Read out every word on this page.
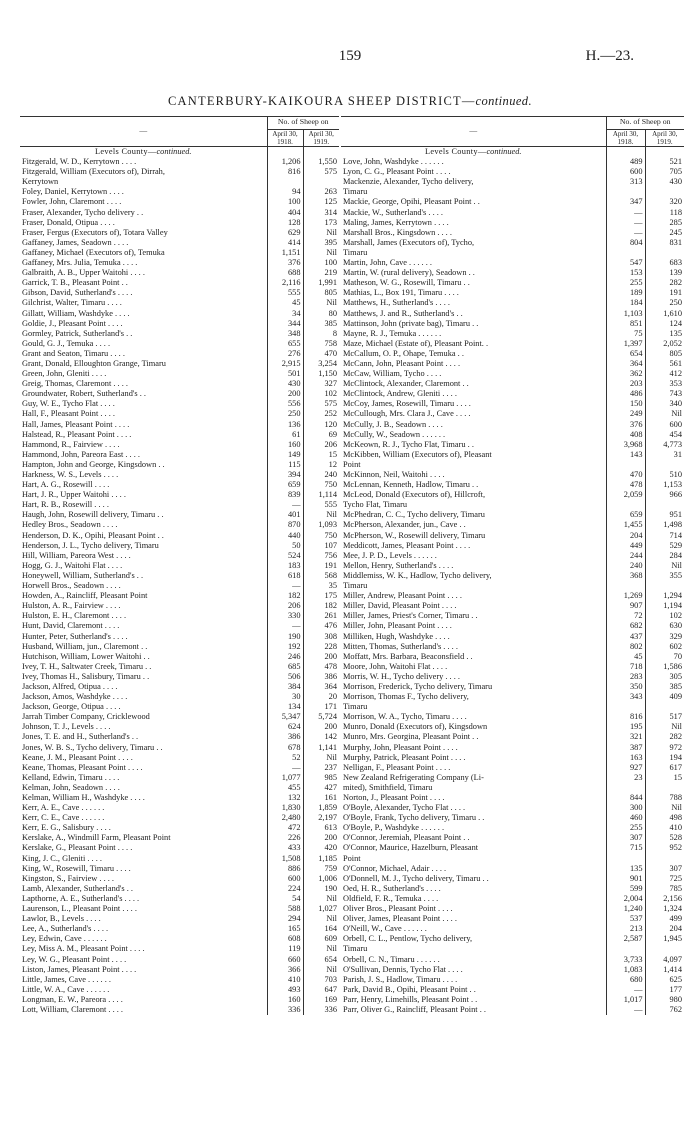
159	H.—23.
CANTERBURY-KAIKOURA SHEEP DISTRICT—continued.
—	No. of Sheep on	
	April 30, 1918.	April 30, 1919.
Levels County—continued.		
Fitzgerald, W. D., Kerrytown . . . .	1,206	1,550
Fitzgerald, William (Executors of), Dirrah,	816	575
Kerrytown		
Foley, Daniel, Kerrytown . . . .	94	263
Fowler, John, Claremont . . . .	100	125
Fraser, Alexander, Tycho delivery . .	404	314
Fraser, Donald, Otipua . . . .	128	173
Fraser, Fergus (Executors of), Totara Valley	629	Nil
Gaffaney, James, Seadown . . . .	414	395
Gaffaney, Michael (Executors of), Temuka	1,151	Nil
Gaffaney, Mrs. Julia, Temuka . . . .	376	100
Galbraith, A. B., Upper Waitohi . . . .	688	219
Garrick, T. B., Pleasant Point . .	2,116	1,991
Gibson, David, Sutherland's . . . .	555	805
Gilchrist, Walter, Timaru . . . .	45	Nil
Gillatt, William, Washdyke . . . .	34	80
Goldie, J., Pleasant Point . . . .	344	385
Gormley, Patrick, Sutherland's . .	348	8
Gould, G. J., Temuka . . . .	655	758
Grant and Seaton, Timaru . . . .	276	470
Grant, Donald, Elloughton Grange, Timaru	2,915	3,254
Green, John, Gleniti . . . .	501	1,150
Greig, Thomas, Claremont . . . .	430	327
Groundwater, Robert, Sutherland's . .	200	102
Guy, W. E., Tycho Flat . . . .	556	575
Hall, F., Pleasant Point . . . .	250	252
Hall, James, Pleasant Point . . . .	136	120
Halstead, R., Pleasant Point . . . .	61	69
Hammond, R., Fairview . . . .	160	206
Hammond, John, Pareora East . . . .	149	15
Hampton, John and George, Kingsdown . .	115	12
Harkness, W. S., Levels . . . .	394	240
Hart, A. G., Rosewill . . . .	659	750
Hart, J. R., Upper Waitohi . . . .	839	1,114
Hart, R. B., Rosewill . . . .	—	555
Haugh, John, Rosewill delivery, Timaru . .	401	Nil
Hedley Bros., Seadown . . . .	870	1,093
Henderson, D. K., Opihi, Pleasant Point . .	440	750
Henderson, J. L., Tycho delivery, Timaru	50	107
Hill, William, Pareora West . . . .	524	756
Hogg, G. J., Waitohi Flat . . . .	183	191
Honeywell, William, Sutherland's . .	618	568
Horwell Bros., Seadown . . . .	—	35
Howden, A., Raincliff, Pleasant Point	182	175
Hulston, A. R., Fairview . . . .	206	182
Hulston, E. H., Claremont . . . .	330	261
Hunt, David, Claremont . . . .	—	476
Hunter, Peter, Sutherland's . . . .	190	308
Husband, William, jun., Claremont . .	192	228
Hutchison, William, Lower Waitohi . .	246	200
Ivey, T. H., Saltwater Creek, Timaru . .	685	478
Ivey, Thomas H., Salisbury, Timaru . .	506	386
Jackson, Alfred, Otipua . . . .	384	364
Jackson, Amos, Washdyke . . . .	30	20
Jackson, George, Otipua . . . .	134	171
Jarrah Timber Company, Cricklewood	5,347	5,724
Johnson, T. J., Levels . . . .	624	200
Jones, T. E. and H., Sutherland's . .	386	142
Jones, W. B. S., Tycho delivery, Timaru . .	678	1,141
Keane, J. M., Pleasant Point . . . .	52	Nil
Keane, Thomas, Pleasant Point . . . .	—	237
Kelland, Edwin, Timaru . . . .	1,077	985
Kelman, John, Seadown . . . .	455	427
Kelman, William H., Washdyke . . . .	132	161
Kerr, A. E., Cave . . . . . .	1,830	1,859
Kerr, C. E., Cave . . . . . .	2,480	2,197
Kerr, E. G., Salisbury . . . .	472	613
Kerslake, A., Windmill Farm, Pleasant Point	226	200
Kerslake, G., Pleasant Point . . . .	433	420
King, J. C., Gleniti . . . .	1,508	1,185
King, W., Rosewill, Timaru . . . .	886	759
Kingston, S., Fairview . . . .	600	1,006
Lamb, Alexander, Sutherland's . .	224	190
Lapthorne, A. E., Sutherland's . . . .	54	Nil
Laurenson, L., Pleasant Point . . . .	588	1,027
Lawlor, B., Levels . . . .	294	Nil
Lee, A., Sutherland's . . . .	165	164
Ley, Edwin, Cave . . . . . .	608	609
Ley, Miss A. M., Pleasant Point . . . .	119	Nil
Ley, W. G., Pleasant Point . . . .	660	654
Liston, James, Pleasant Point . . . .	366	Nil
Little, James, Cave . . . . . .	410	703
Little, W. A., Cave . . . . . .	493	647
Longman, E. W., Pareora . . . .	160	169
Lott, William, Claremont . . . .	336	336
—	No. of Sheep on	
	April 30, 1918.	April 30, 1919.
Levels County—continued.		
Love, John, Washdyke . . . . . .	489	521
Lyon, C. G., Pleasant Point . . . .	600	705
Mackenzie, Alexander, Tycho delivery,	313	430
Timaru		
Mackie, George, Opihi, Pleasant Point . .	347	320
Mackie, W., Sutherland's . . . .	—	118
Maling, James, Kerrytown . . . .	—	285
Marshall Bros., Kingsdown . . . .	—	245
Marshall, James (Executors of), Tycho,	804	831
Timaru		
Martin, John, Cave . . . . . .	547	683
Martin, W. (rural delivery), Seadown . .	153	139
Matheson, W. G., Rosewill, Timaru . .	255	282
Mathias, L., Box 191, Timaru . . . .	189	191
Matthews, H., Sutherland's . . . .	184	250
Matthews, J. and R., Sutherland's . .	1,103	1,610
Mattinson, John (private bag), Timaru . .	851	124
Mayne, R. J., Temuka . . . . . .	75	135
Maze, Michael (Estate of), Pleasant Point. .	1,397	2,052
McCallum, O. P., Ohape, Temuka . .	654	805
McCann, John, Pleasant Point . . . .	364	561
McCaw, William, Tycho . . . .	362	412
McClintock, Alexander, Claremont . .	203	353
McClintock, Andrew, Gleniti . . . .	486	743
McCoy, James, Rosewill, Timaru . . . .	150	340
McCullough, Mrs. Clara J., Cave . . . .	249	Nil
McCully, J. B., Seadown . . . .	376	600
McCully, W., Seadown . . . . . .	408	454
McKeown, R. J., Tycho Flat, Timaru . .	3,968	4,773
McKibben, William (Executors of), Pleasant	143	31
Point		
McKinnon, Neil, Waitohi . . . .	470	510
McLennan, Kenneth, Hadlow, Timaru . .	478	1,153
McLeod, Donald (Executors of), Hillcroft,	2,059	966
Tycho Flat, Timaru		
McPhedran, C. C., Tycho delivery, Timaru	659	951
McPherson, Alexander, jun., Cave . .	1,455	1,498
McPherson, W., Rosewill delivery, Timaru	204	714
Meddicott, James, Pleasant Point . . . .	449	529
Mee, J. P. D., Levels . . . . . .	244	284
Mellon, Henry, Sutherland's . . . .	240	Nil
Middlemiss, W. K., Hadlow, Tycho delivery,	368	355
Timaru		
Miller, Andrew, Pleasant Point . . . .	1,269	1,294
Miller, David, Pleasant Point . . . .	907	1,194
Miller, James, Priest's Corner, Timaru . .	72	102
Miller, John, Pleasant Point . . . .	682	630
Milliken, Hugh, Washdyke . . . .	437	329
Mitten, Thomas, Sutherland's . . . .	802	602
Moffatt, Mrs. Barbara, Beaconsfield . .	45	70
Moore, John, Waitohi Flat . . . .	718	1,586
Morris, W. H., Tycho delivery . . . .	283	305
Morrison, Frederick, Tycho delivery, Timaru	350	385
Morrison, Thomas F., Tycho delivery,	343	409
Timaru		
Morrison, W. A., Tycho, Timaru . . . .	816	517
Munro, Donald (Executors of), Kingsdown	195	Nil
Munro, Mrs. Georgina, Pleasant Point . .	321	282
Murphy, John, Pleasant Point . . . .	387	972
Murphy, Patrick, Pleasant Point . . . .	163	194
Nelligan, F., Pleasant Point . . . .	927	617
New Zealand Refrigerating Company (Li-	23	15
mited), Smithfield, Timaru		
Norton, J., Pleasant Point . . . .	844	788
O'Boyle, Alexander, Tycho Flat . . . .	300	Nil
O'Boyle, Frank, Tycho delivery, Timaru . .	460	498
O'Boyle, P., Washdyke . . . . . .	255	410
O'Connor, Jeremiah, Pleasant Point . .	307	528
O'Connor, Maurice, Hazelburn, Pleasant	715	952
Point		
O'Connor, Michael, Adair . . . .	135	307
O'Donnell, M. J., Tycho delivery, Timaru . .	901	725
Oed, H. R., Sutherland's . . . .	599	785
Oldfield, F. R., Temuka . . . .	2,004	2,156
Oliver Bros., Pleasant Point . . . .	1,240	1,324
Oliver, James, Pleasant Point . . . .	537	499
O'Neill, W., Cave . . . . . .	213	204
Orbell, C. L., Pentlow, Tycho delivery,	2,587	1,945
Timaru		
Orbell, C. N., Timaru . . . . . .	3,733	4,097
O'Sullivan, Dennis, Tycho Flat . . . .	1,083	1,414
Parish, J. S., Hadlow, Timaru . . . .	680	625
Park, David B., Opihi, Pleasant Point . .	—	177
Parr, Henry, Limehills, Pleasant Point . .	1,017	980
Parr, Oliver G., Raincliff, Pleasant Point . .	—	762
